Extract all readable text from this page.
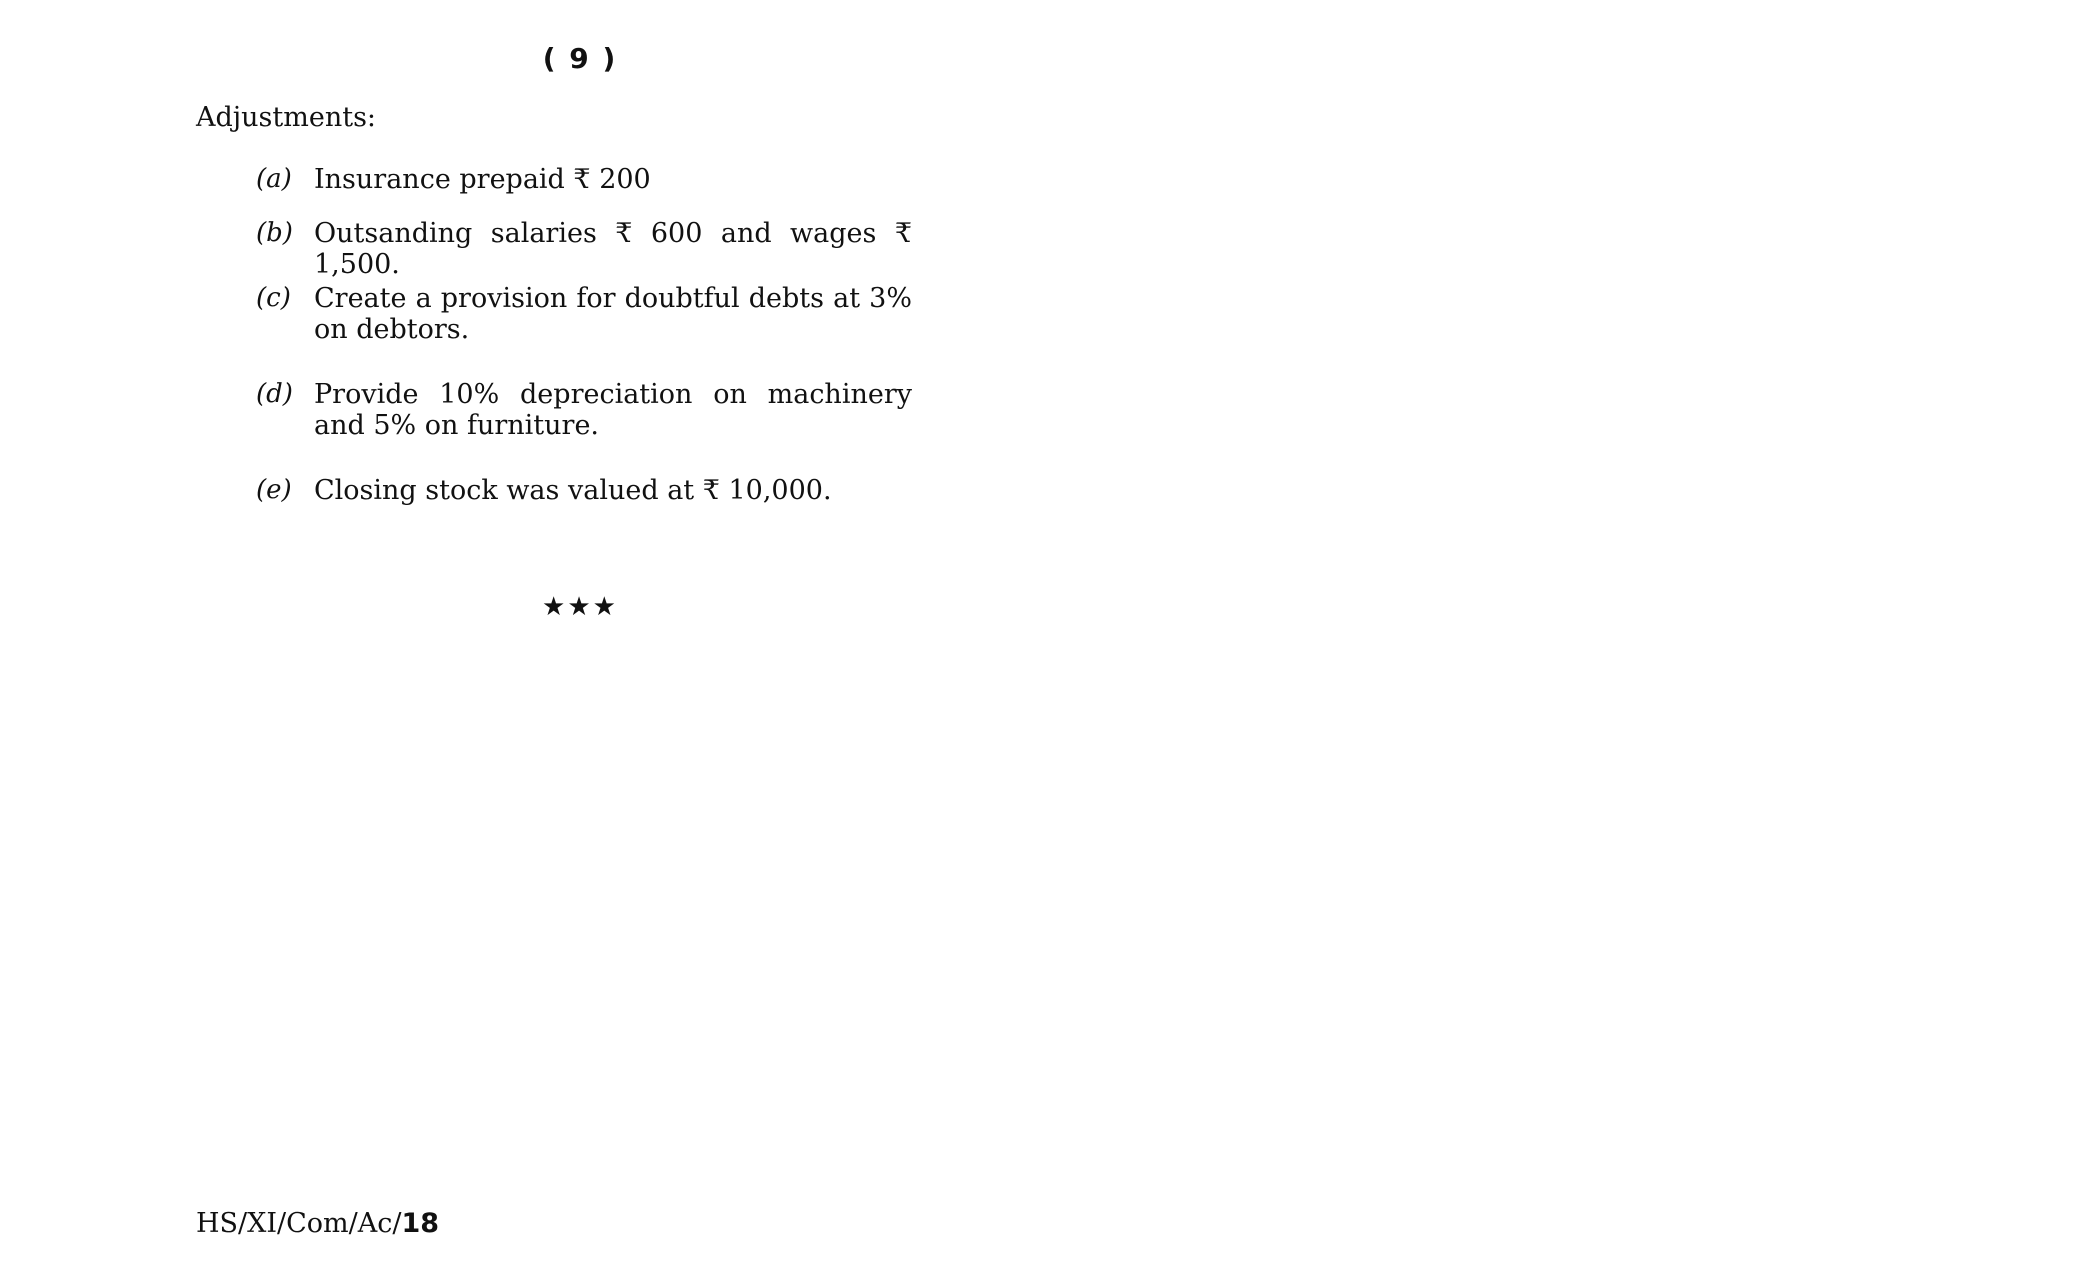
( 9 )
Adjustments:
(a) Insurance prepaid ₹ 200
(b) Outsanding salaries ₹ 600 and wages ₹ 1,500.
(c) Create a provision for doubtful debts at 3% on debtors.
(d) Provide 10% depreciation on machinery and 5% on furniture.
(e) Closing stock was valued at ₹ 10,000.
★★★
HS/XI/Com/Ac/18
